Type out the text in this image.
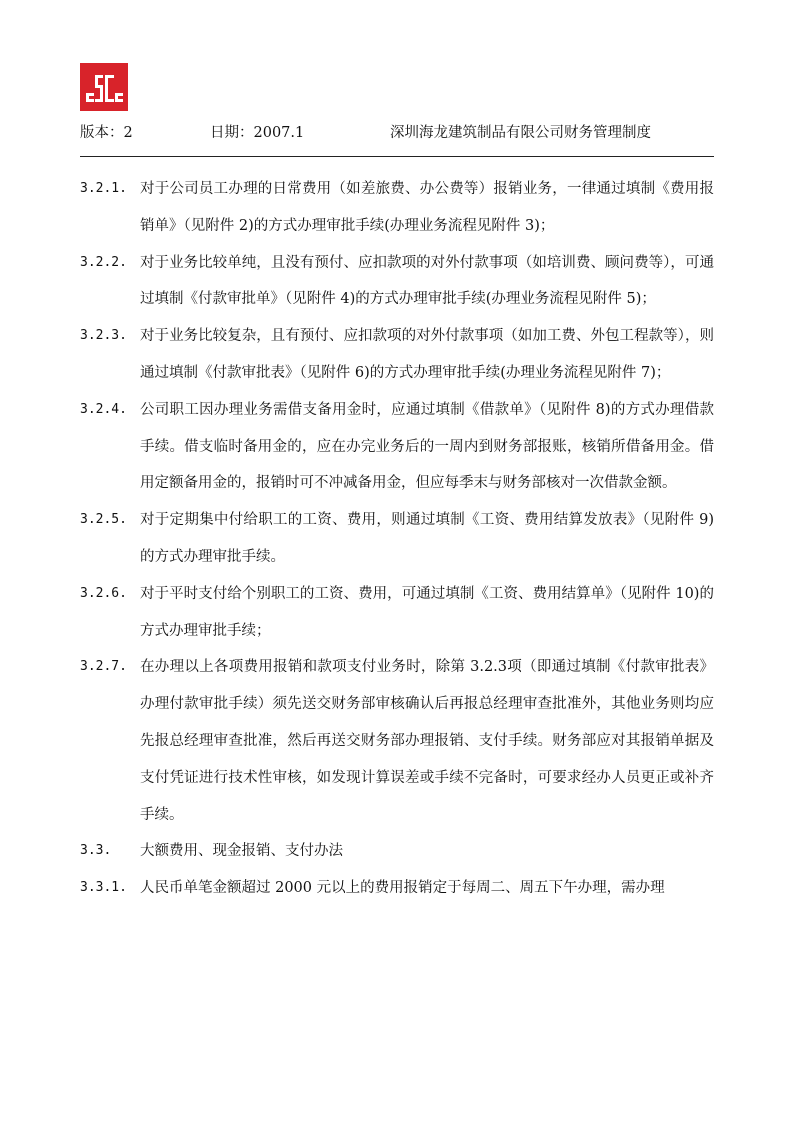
版本：2	日期：2007.1	深圳海龙建筑制品有限公司财务管理制度

3.2.1. 对于公司员工办理的日常费用（如差旅费、办公费等）报销业务，一律通过填制《费用报销单》（见附件 2)的方式办理审批手续(办理业务流程见附件 3)；

3.2.2. 对于业务比较单纯，且没有预付、应扣款项的对外付款事项（如培训费、顾问费等），可通过填制《付款审批单》（见附件 4)的方式办理审批手续(办理业务流程见附件 5)；

3.2.3. 对于业务比较复杂，且有预付、应扣款项的对外付款事项（如加工费、外包工程款等），则通过填制《付款审批表》（见附件 6)的方式办理审批手续(办理业务流程见附件 7)；

3.2.4. 公司职工因办理业务需借支备用金时，应通过填制《借款单》（见附件 8)的方式办理借款手续。借支临时备用金的，应在办完业务后的一周内到财务部报账，核销所借备用金。借用定额备用金的，报销时可不冲减备用金，但应每季末与财务部核对一次借款金额。

3.2.5. 对于定期集中付给职工的工资、费用，则通过填制《工资、费用结算发放表》（见附件 9)的方式办理审批手续。

3.2.6. 对于平时支付给个别职工的工资、费用，可通过填制《工资、费用结算单》（见附件 10)的方式办理审批手续；

3.2.7. 在办理以上各项费用报销和款项支付业务时，除第 3.2.3项（即通过填制《付款审批表》办理付款审批手续）须先送交财务部审核确认后再报总经理审查批准外，其他业务则均应先报总经理审查批准，然后再送交财务部办理报销、支付手续。财务部应对其报销单据及支付凭证进行技术性审核，如发现计算误差或手续不完备时，可要求经办人员更正或补齐手续。

3.3. 大额费用、现金报销、支付办法

3.3.1. 人民币单笔金额超过 2000 元以上的费用报销定于每周二、周五下午办理，需办理
